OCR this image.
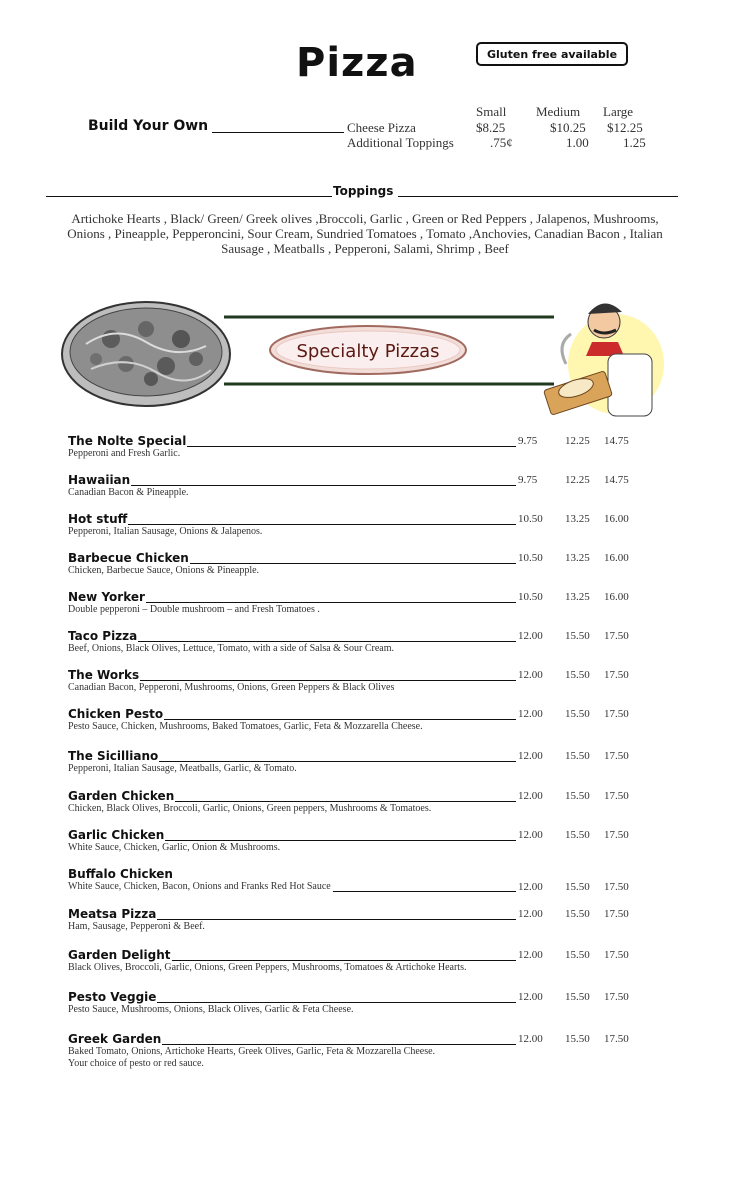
Pizza	Gluten free available
Small Medium Large
Build Your Own	Cheese Pizza	$8.25	$10.25 $12.25
Additional Toppings	.75¢	1.00	1.25
Toppings
Artichoke Hearts , Black/ Green/ Greek olives ,Broccoli, Garlic , Green or Red Peppers , Jalapenos, Mushrooms, Onions , Pineapple, Pepperoncini, Sour Cream, Sundried Tomatoes , Tomato ,Anchovies, Canadian Bacon , Italian Sausage , Meatballs , Pepperoni, Salami, Shrimp , Beef
Specialty Pizzas
The Nolte Special
Pepperoni and Fresh Garlic.
9.75	12.25 14.75
Hawaiian
Canadian Bacon & Pineapple.
9.75	12.25 14.75
Hot stuff
Pepperoni, Italian Sausage, Onions & Jalapenos.
10.50 13.25 16.00
Barbecue Chicken
Chicken, Barbecue Sauce, Onions & Pineapple.
10.50 13.25 16.00
New Yorker
Double pepperoni – Double mushroom – and Fresh Tomatoes .
10.50 13.25 16.00
Taco Pizza
Beef, Onions, Black Olives, Lettuce, Tomato, with a side of Salsa & Sour Cream.
12.00 15.50 17.50
The Works
Canadian Bacon, Pepperoni, Mushrooms, Onions, Green Peppers & Black Olives
12.00 15.50 17.50
Chicken Pesto
Pesto Sauce, Chicken, Mushrooms, Baked Tomatoes, Garlic, Feta & Mozzarella Cheese.
12.00 15.50 17.50
The Sicilliano
Pepperoni, Italian Sausage, Meatballs, Garlic, & Tomato.
12.00 15.50 17.50
Garden Chicken
Chicken, Black Olives, Broccoli, Garlic, Onions, Green peppers, Mushrooms & Tomatoes.
12.00 15.50 17.50
Garlic Chicken
White Sauce, Chicken, Garlic, Onion & Mushrooms.
12.00 15.50 17.50
Buffalo Chicken
White Sauce, Chicken, Bacon, Onions and Franks Red Hot Sauce	12.00 15.50 17.50
Meatsa Pizza
Ham, Sausage, Pepperoni & Beef.
12.00 15.50 17.50
Garden Delight
Black Olives, Broccoli, Garlic, Onions, Green Peppers, Mushrooms, Tomatoes & Artichoke Hearts.
12.00 15.50 17.50
Pesto Veggie
Pesto Sauce, Mushrooms, Onions, Black Olives, Garlic & Feta Cheese.
12.00 15.50 17.50
Greek Garden
Baked Tomato, Onions, Artichoke Hearts, Greek Olives, Garlic, Feta & Mozzarella Cheese.
Your choice of pesto or red sauce.
12.00 15.50 17.50
